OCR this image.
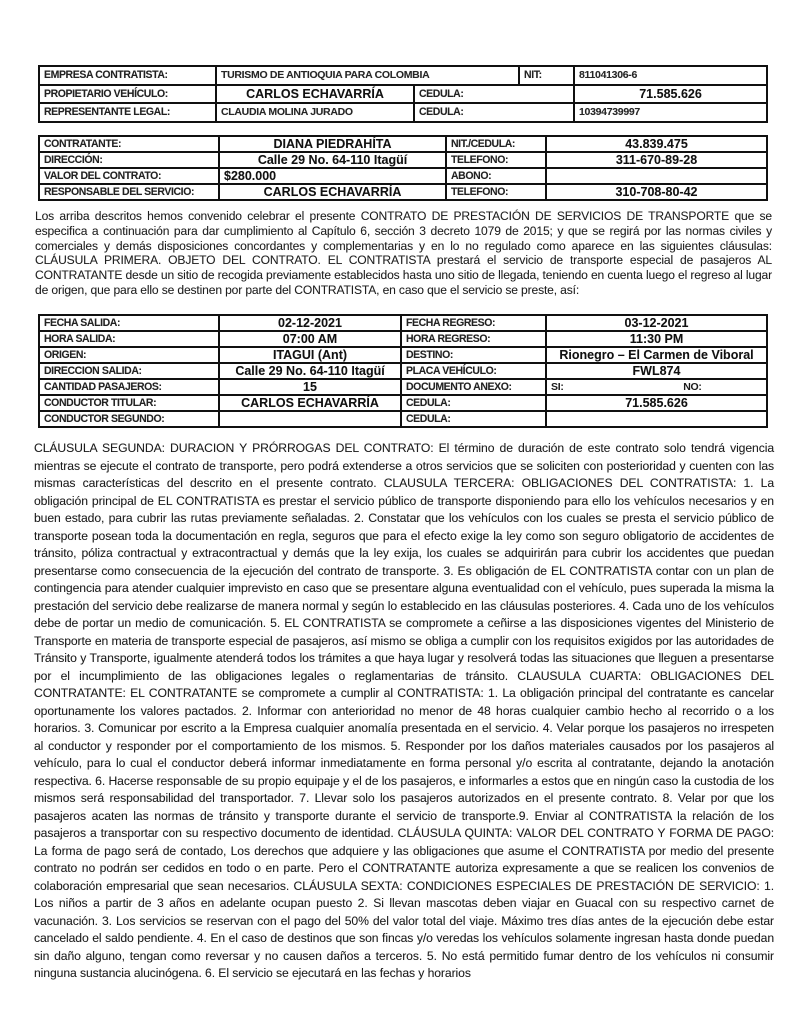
EMPRESA CONTRATISTA:	TURISMO DE ANTIOQUIA PARA COLOMBIA		NIT:	811041306-6
PROPIETARIO VEHÍCULO:	CARLOS ECHAVARRÍA	CEDULA:		71.585.626
REPRESENTANTE LEGAL:	CLAUDIA MOLINA JURADO	CEDULA:		10394739997
CONTRATANTE:	DIANA PIEDRAHÍTA	NIT./CEDULA:	43.839.475
DIRECCIÓN:	Calle 29 No. 64-110 Itagüí	TELEFONO:	311-670-89-28
VALOR DEL CONTRATO:	$280.000	ABONO:	
RESPONSABLE DEL SERVICIO:	CARLOS ECHAVARRÍA	TELEFONO:	310-708-80-42

Los arriba descritos hemos convenido celebrar el presente CONTRATO DE PRESTACIÓN DE SERVICIOS DE TRANSPORTE que se especifica a continuación para dar cumplimiento al Capítulo 6, sección 3 decreto 1079 de 2015; y que se regirá por las normas civiles y comerciales y demás disposiciones concordantes y complementarias y en lo no regulado como aparece en las siguientes cláusulas: CLÁUSULA PRIMERA. OBJETO DEL CONTRATO. EL CONTRATISTA prestará el servicio de transporte especial de pasajeros AL CONTRATANTE desde un sitio de recogida previamente establecidos hasta uno sitio de llegada, teniendo en cuenta luego el regreso al lugar de origen, que para ello se destinen por parte del CONTRATISTA, en caso que el servicio se preste, así:

FECHA SALIDA:	02-12-2021	FECHA REGRESO:	03-12-2021
HORA SALIDA:	07:00 AM	HORA REGRESO:	11:30 PM
ORIGEN:	ITAGUI (Ant)	DESTINO:	Rionegro – El Carmen de Viboral
DIRECCION SALIDA:	Calle 29 No. 64-110 Itagüí	PLACA VEHÍCULO:	FWL874
CANTIDAD PASAJEROS:	15	DOCUMENTO ANEXO:	SI: NO:

CONDUCTOR TITULAR:	CARLOS ECHAVARRÍA	CEDULA:	71.585.626
CONDUCTOR SEGUNDO:		CEDULA:	

CLÁUSULA SEGUNDA: DURACION Y PRÓRROGAS DEL CONTRATO: El término de duración de este contrato solo tendrá vigencia mientras se ejecute el contrato de transporte, pero podrá extenderse a otros servicios que se soliciten con posterioridad y cuenten con las mismas características del descrito en el presente contrato. CLAUSULA TERCERA: OBLIGACIONES DEL CONTRATISTA: 1. La obligación principal de EL CONTRATISTA es prestar el servicio público de transporte disponiendo para ello los vehículos necesarios y en buen estado, para cubrir las rutas previamente señaladas. 2. Constatar que los vehículos con los cuales se presta el servicio público de transporte posean toda la documentación en regla, seguros que para el efecto exige la ley como son seguro obligatorio de accidentes de tránsito, póliza contractual y extracontractual y demás que la ley exija, los cuales se adquirirán para cubrir los accidentes que puedan presentarse como consecuencia de la ejecución del contrato de transporte. 3. Es obligación de EL CONTRATISTA contar con un plan de contingencia para atender cualquier imprevisto en caso que se presentare alguna eventualidad con el vehículo, pues superada la misma la prestación del servicio debe realizarse de manera normal y según lo establecido en las cláusulas posteriores. 4. Cada uno de los vehículos debe de portar un medio de comunicación. 5. EL CONTRATISTA se compromete a ceñirse a las disposiciones vigentes del Ministerio de Transporte en materia de transporte especial de pasajeros, así mismo se obliga a cumplir con los requisitos exigidos por las autoridades de Tránsito y Transporte, igualmente atenderá todos los trámites a que haya lugar y resolverá todas las situaciones que lleguen a presentarse por el incumplimiento de las obligaciones legales o reglamentarias de tránsito. CLAUSULA CUARTA: OBLIGACIONES DEL CONTRATANTE: EL CONTRATANTE se compromete a cumplir al CONTRATISTA: 1. La obligación principal del contratante es cancelar oportunamente los valores pactados. 2. Informar con anterioridad no menor de 48 horas cualquier cambio hecho al recorrido o a los horarios. 3. Comunicar por escrito a la Empresa cualquier anomalía presentada en el servicio. 4. Velar porque los pasajeros no irrespeten al conductor y responder por el comportamiento de los mismos. 5. Responder por los daños materiales causados por los pasajeros al vehículo, para lo cual el conductor deberá informar inmediatamente en forma personal y/o escrita al contratante, dejando la anotación respectiva. 6. Hacerse responsable de su propio equipaje y el de los pasajeros, e informarles a estos que en ningún caso la custodia de los mismos será responsabilidad del transportador. 7. Llevar solo los pasajeros autorizados en el presente contrato. 8. Velar por que los pasajeros acaten las normas de tránsito y transporte durante el servicio de transporte.9. Enviar al CONTRATISTA la relación de los pasajeros a transportar con su respectivo documento de identidad. CLÁUSULA QUINTA: VALOR DEL CONTRATO Y FORMA DE PAGO: La forma de pago será de contado, Los derechos que adquiere y las obligaciones que asume el CONTRATISTA por medio del presente contrato no podrán ser cedidos en todo o en parte. Pero el CONTRATANTE autoriza expresamente a que se realicen los convenios de colaboración empresarial que sean necesarios. CLÁUSULA SEXTA: CONDICIONES ESPECIALES DE PRESTACIÓN DE SERVICIO: 1. Los niños a partir de 3 años en adelante ocupan puesto 2. Si llevan mascotas deben viajar en Guacal con su respectivo carnet de vacunación. 3. Los servicios se reservan con el pago del 50% del valor total del viaje. Máximo tres días antes de la ejecución debe estar cancelado el saldo pendiente. 4. En el caso de destinos que son fincas y/o veredas los vehículos solamente ingresan hasta donde puedan sin daño alguno, tengan como reversar y no causen daños a terceros. 5. No está permitido fumar dentro de los vehículos ni consumir ninguna sustancia alucinógena. 6. El servicio se ejecutará en las fechas y horarios
